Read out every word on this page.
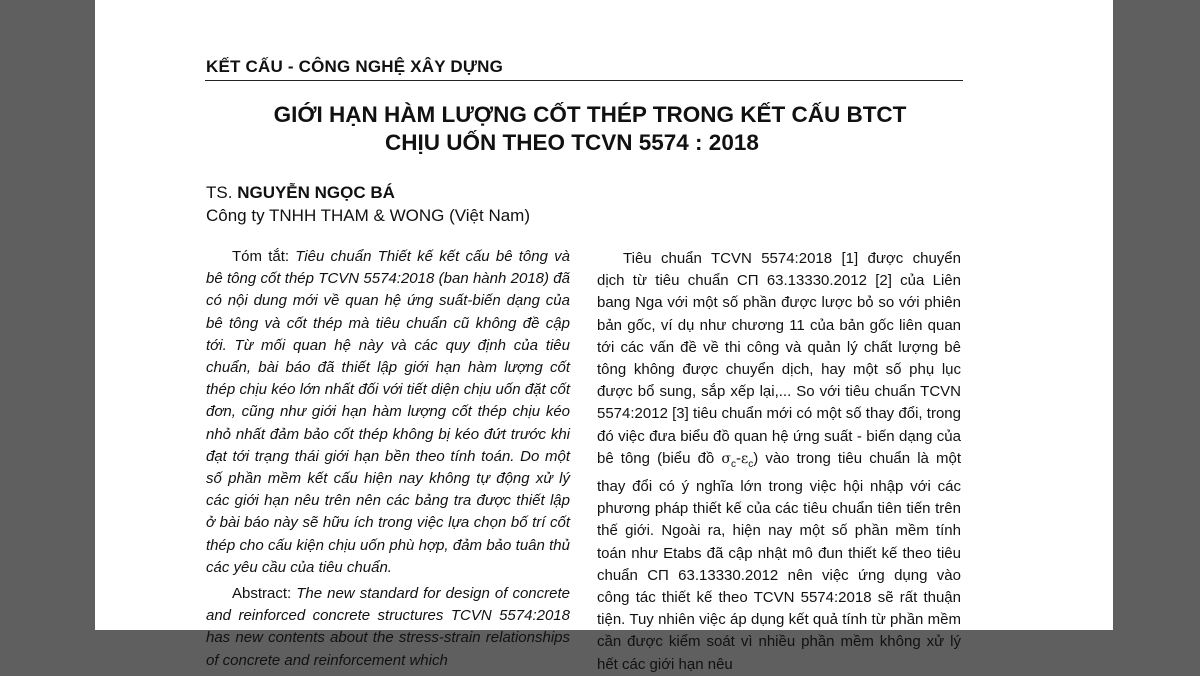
KẾT CẤU - CÔNG NGHỆ XÂY DỰNG
GIỚI HẠN HÀM LƯỢNG CỐT THÉP TRONG KẾT CẤU BTCT
CHỊU UỐN THEO TCVN 5574 : 2018
TS. NGUYỄN NGỌC BÁ
Công ty TNHH THAM & WONG (Việt Nam)

Tóm tắt: Tiêu chuẩn Thiết kế kết cấu bê tông và bê tông cốt thép TCVN 5574:2018 (ban hành 2018) đã có nội dung mới về quan hệ ứng suất-biến dạng của bê tông và cốt thép mà tiêu chuẩn cũ không đề cập tới. Từ mối quan hệ này và các quy định của tiêu chuẩn, bài báo đã thiết lập giới hạn hàm lượng cốt thép chịu kéo lớn nhất đối với tiết diện chịu uốn đặt cốt đơn, cũng như giới hạn hàm lượng cốt thép chịu kéo nhỏ nhất đảm bảo cốt thép không bị kéo đứt trước khi đạt tới trạng thái giới hạn bền theo tính toán. Do một số phần mềm kết cấu hiện nay không tự động xử lý các giới hạn nêu trên nên các bảng tra được thiết lập ở bài báo này sẽ hữu ích trong việc lựa chọn bố trí cốt thép cho cấu kiện chịu uốn phù hợp, đảm bảo tuân thủ các yêu cầu của tiêu chuẩn.

Abstract: The new standard for design of concrete and reinforced concrete structures TCVN 5574:2018 has new contents about the stress-strain relationships of concrete and reinforcement which

Tiêu chuẩn TCVN 5574:2018 [1] được chuyển dịch từ tiêu chuẩn СП 63.13330.2012 [2] của Liên bang Nga với một số phần được lược bỏ so với phiên bản gốc, ví dụ như chương 11 của bản gốc liên quan tới các vấn đề về thi công và quản lý chất lượng bê tông không được chuyển dịch, hay một số phụ lục được bổ sung, sắp xếp lại,... So với tiêu chuẩn TCVN 5574:2012 [3] tiêu chuẩn mới có một số thay đổi, trong đó việc đưa biểu đồ quan hệ ứng suất - biến dạng của bê tông (biểu đồ $\sigma_c-\varepsilon_c$) vào trong tiêu chuẩn là một thay đổi có ý nghĩa lớn trong việc hội nhập với các phương pháp thiết kế của các tiêu chuẩn tiên tiến trên thế giới. Ngoài ra, hiện nay một số phần mềm tính toán như Etabs đã cập nhật mô đun thiết kế theo tiêu chuẩn СП 63.13330.2012 nên việc ứng dụng vào công tác thiết kế theo TCVN 5574:2018 sẽ rất thuận tiện. Tuy nhiên việc áp dụng kết quả tính từ phần mềm cần được kiểm soát vì nhiều phần mềm không xử lý hết các giới hạn nêu
